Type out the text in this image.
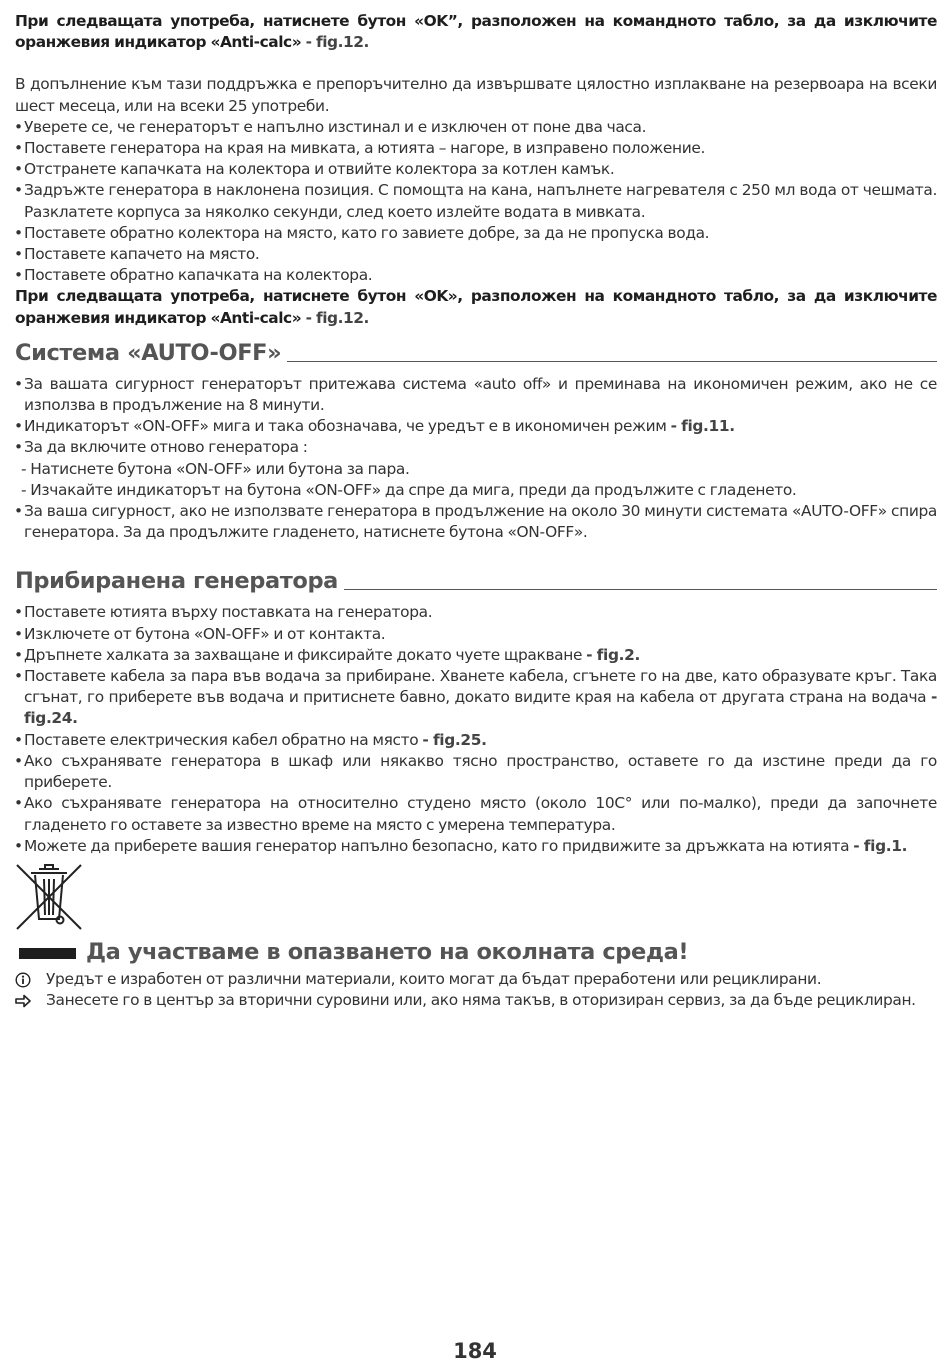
При следващата употреба, натиснете бутон «OK”, разположен на командното табло, за да изключите оранжевия индикатор «Anti-calc» - fig.12.

В допълнение към тази поддръжка е препоръчително да извършвате цялостно изплакване на резервоара на всеки шест месеца, или на всеки 25 употреби.

• Уверете се, че генераторът е напълно изстинал и е изключен от поне два часа.
• Поставете генератора на края на мивката, а ютията – нагоре, в изправено положение.
• Отстранете капачката на колектора и отвийте колектора за котлен камък.
• Задръжте генератора в наклонена позиция. С помощта на кана, напълнете нагревателя с 250 мл вода от чешмата. Разклатете корпуса за няколко секунди, след което излейте водата в мивката.
• Поставете обратно колектора на място, като го завиете добре, за да не пропуска вода.
• Поставете капачето на място.
• Поставете обратно капачката на колектора.

При следващата употреба, натиснете бутон «OK», разположен на командното табло, за да изключите оранжевия индикатор «Anti-calc» - fig.12.

Система «AUTO-OFF»
• За вашата сигурност генераторът притежава система «auto off» и преминава на икономичен режим, ако не се използва в продължение на 8 минути.
• Индикаторът «ON-OFF» мига и така обозначава, че уредът е в икономичен режим - fig.11.
• За да включите отново генератора :
- Натиснете бутона «ON-OFF» или бутона за пара.
- Изчакайте индикаторът на бутона «ON-OFF» да спре да мига, преди да продължите с гладенето.
• За ваша сигурност, ако не използвате генератора в продължение на около 30 минути системата «AUTO-OFF» спира генератора. За да продължите гладенето, натиснете бутона «ON-OFF».
Прибиранена генератора
• Поставете ютията върху поставката на генератора.
• Изключете от бутона «ON-OFF» и от контакта.
• Дръпнете халката за захващане и фиксирайте докато чуете щракване - fig.2.
• Поставете кабела за пара във водача за прибиране. Хванете кабела, сгънете го на две, като образувате кръг. Така сгънат, го приберете във водача и притиснете бавно, докато видите края на кабела от другата страна на водача - fig.24.
• Поставете електрическия кабел обратно на място - fig.25.
• Ако съхранявате генератора в шкаф или някакво тясно пространство, оставете го да изстине преди да го приберете.
• Ако съхранявате генератора на относително студено място (около 10C° или по-малко), преди да започнете гладенето го оставете за известно време на място с умерена температура.
• Можете да приберете вашия генератор напълно безопасно, като го придвижите за дръжката на ютията - fig.1.
Да участваме в опазването на околната среда!
Уредът е изработен от различни материали, които могат да бъдат преработени или рециклирани.
Занесете го в център за вторични суровини или, ако няма такъв, в оторизиран сервиз, за да бъде рециклиран.
184
